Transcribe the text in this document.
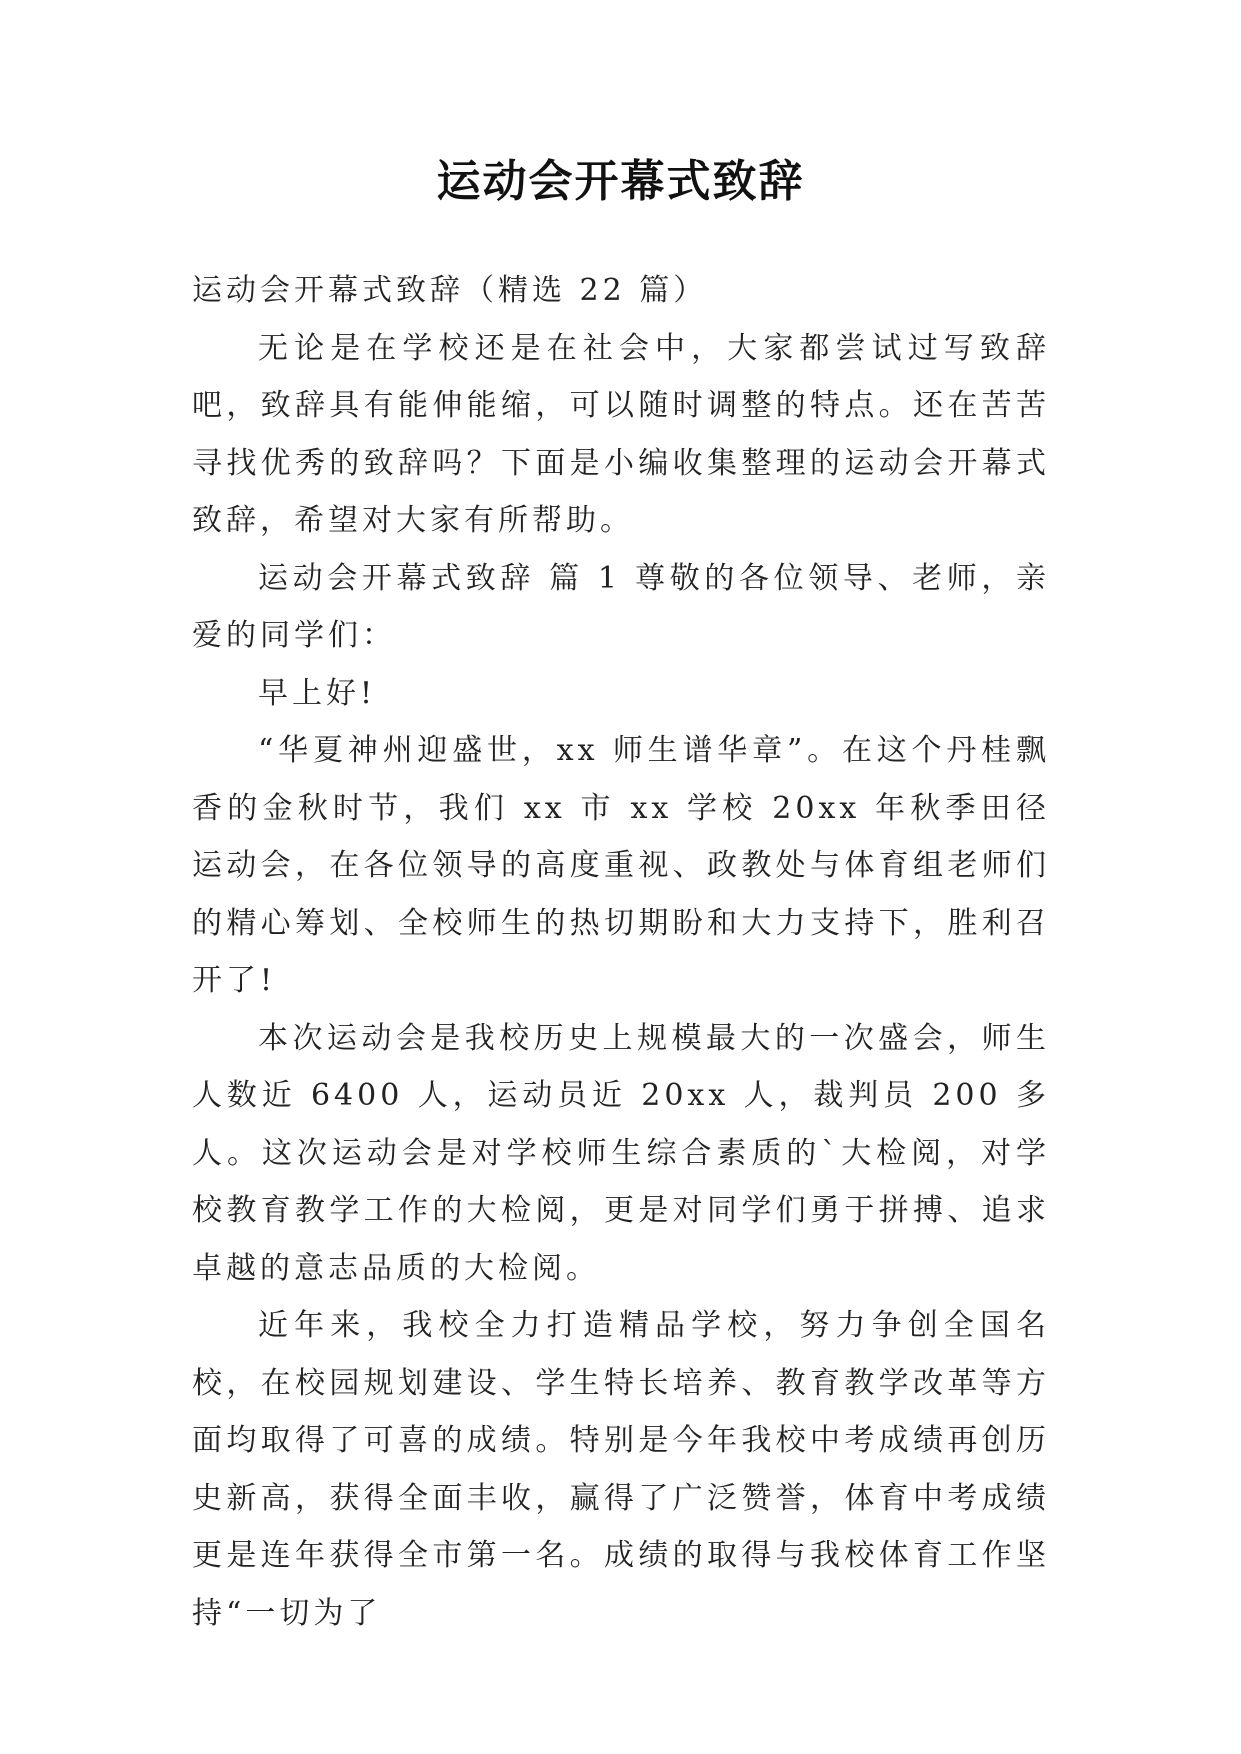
运动会开幕式致辞

运动会开幕式致辞（精选 22 篇）

无论是在学校还是在社会中，大家都尝试过写致辞吧，致辞具有能伸能缩，可以随时调整的特点。还在苦苦寻找优秀的致辞吗？下面是小编收集整理的运动会开幕式致辞，希望对大家有所帮助。

运动会开幕式致辞 篇 1 尊敬的各位领导、老师，亲爱的同学们：

早上好!

“华夏神州迎盛世，xx 师生谱华章”。在这个丹桂飘香的金秋时节，我们 xx 市 xx 学校 20xx 年秋季田径运动会，在各位领导的高度重视、政教处与体育组老师们的精心筹划、全校师生的热切期盼和大力支持下，胜利召开了!

本次运动会是我校历史上规模最大的一次盛会，师生人数近 6400 人，运动员近 20xx 人，裁判员 200 多人。这次运动会是对学校师生综合素质的`大检阅，对学校教育教学工作的大检阅，更是对同学们勇于拼搏、追求卓越的意志品质的大检阅。

近年来，我校全力打造精品学校，努力争创全国名校，在校园规划建设、学生特长培养、教育教学改革等方面均取得了可喜的成绩。特别是今年我校中考成绩再创历史新高，获得全面丰收，赢得了广泛赞誉，体育中考成绩更是连年获得全市第一名。成绩的取得与我校体育工作坚持“一切为了
